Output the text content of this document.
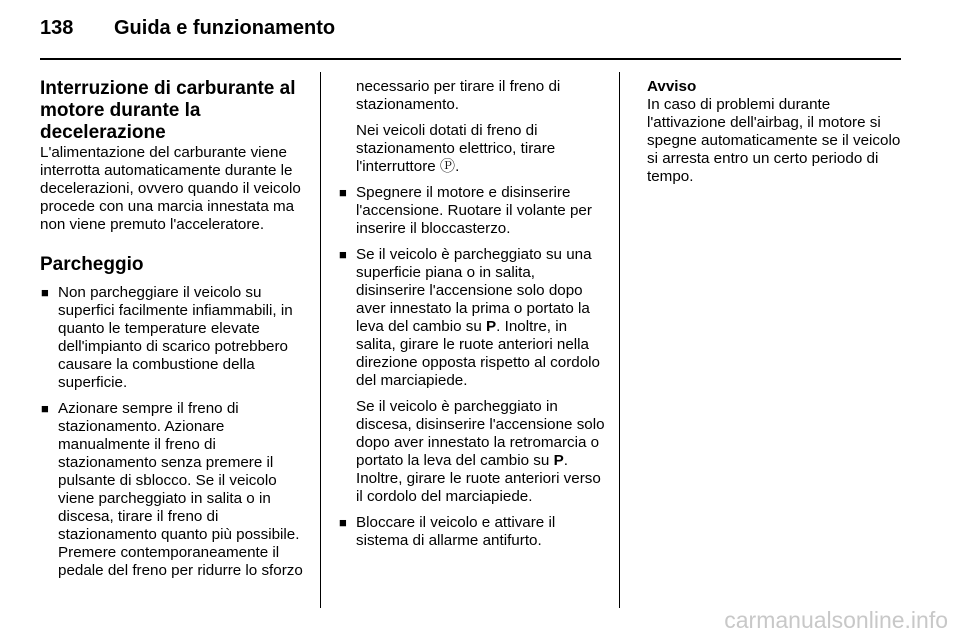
138 Guida e funzionamento
Interruzione di carburante al motore durante la decelerazione

L'alimentazione del carburante viene interrotta automaticamente durante le decelerazioni, ovvero quando il veicolo procede con una marcia innestata ma non viene premuto l'acceleratore.

Parcheggio
■ Non parcheggiare il veicolo su superfici facilmente infiammabili, in quanto le temperature elevate dell'impianto di scarico potrebbero causare la combustione della superficie.
■ Azionare sempre il freno di stazionamento. Azionare manualmente il freno di stazionamento senza premere il pulsante di sblocco. Se il veicolo viene parcheggiato in salita o in discesa, tirare il freno di stazionamento quanto più possibile. Premere contemporaneamente il pedale del freno per ridurre lo sforzo

necessario per tirare il freno di stazionamento.

Nei veicoli dotati di freno di stazionamento elettrico, tirare l'interruttore Ⓟ.

■ Spegnere il motore e disinserire l'accensione. Ruotare il volante per inserire il bloccasterzo.
■ Se il veicolo è parcheggiato su una superficie piana o in salita, disinserire l'accensione solo dopo aver innestato la prima o portato la leva del cambio su P. Inoltre, in salita, girare le ruote anteriori nella direzione opposta rispetto al cordolo del marciapiede.

Se il veicolo è parcheggiato in discesa, disinserire l'accensione solo dopo aver innestato la retromarcia o portato la leva del cambio su P. Inoltre, girare le ruote anteriori verso il cordolo del marciapiede.

■ Bloccare il veicolo e attivare il sistema di allarme antifurto.
Avviso
In caso di problemi durante l'attivazione dell'airbag, il motore si spegne automaticamente se il veicolo si arresta entro un certo periodo di tempo.
carmanualsonline.info
